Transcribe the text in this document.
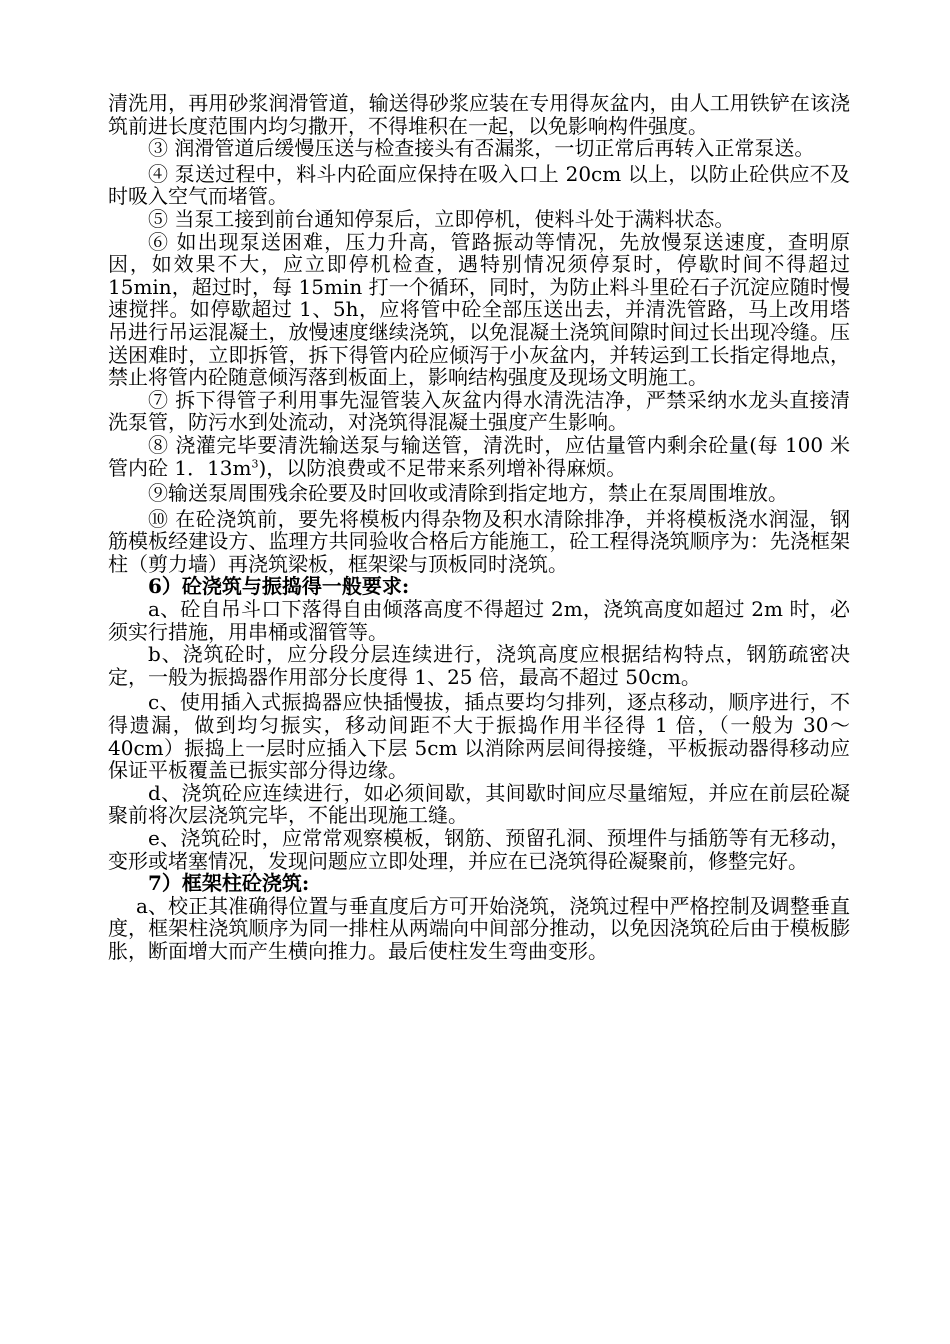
清洗用，再用砂浆润滑管道，输送得砂浆应装在专用得灰盆内，由人工用铁铲在该浇筑前进长度范围内均匀撒开，不得堆积在一起，以免影响构件强度。

③ 润滑管道后缓慢压送与检查接头有否漏浆，一切正常后再转入正常泵送。

④ 泵送过程中，料斗内砼面应保持在吸入口上 20cm 以上，以防止砼供应不及时吸入空气而堵管。

⑤ 当泵工接到前台通知停泵后，立即停机，使料斗处于满料状态。

⑥ 如出现泵送困难，压力升高，管路振动等情况，先放慢泵送速度，查明原因，如效果不大，应立即停机检查，遇特别情况须停泵时，停歇时间不得超过 15min，超过时，每 15min 打一个循环，同时，为防止料斗里砼石子沉淀应随时慢速搅拌。如停歇超过 1、5h，应将管中砼全部压送出去，并清洗管路，马上改用塔吊进行吊运混凝土，放慢速度继续浇筑，以免混凝土浇筑间隙时间过长出现冷缝。压送困难时，立即拆管，拆下得管内砼应倾泻于小灰盆内，并转运到工长指定得地点，禁止将管内砼随意倾泻落到板面上，影响结构强度及现场文明施工。

⑦ 拆下得管子利用事先湿管装入灰盆内得水清洗洁净，严禁采纳水龙头直接清洗泵管，防污水到处流动，对浇筑得混凝土强度产生影响。

⑧ 浇灌完毕要清洗输送泵与输送管，清洗时，应估量管内剩余砼量(每 100 米管内砼 1．$13m^3$)，以防浪费或不足带来系列增补得麻烦。

⑨输送泵周围残余砼要及时回收或清除到指定地方，禁止在泵周围堆放。

⑩ 在砼浇筑前，要先将模板内得杂物及积水清除排净，并将模板浇水润湿，钢筋模板经建设方、监理方共同验收合格后方能施工，砼工程得浇筑顺序为：先浇框架柱（剪力墙）再浇筑梁板，框架梁与顶板同时浇筑。

6）砼浇筑与振捣得一般要求:

a、砼自吊斗口下落得自由倾落高度不得超过 2m，浇筑高度如超过 2m 时，必须实行措施，用串桶或溜管等。

b、浇筑砼时，应分段分层连续进行，浇筑高度应根据结构特点，钢筋疏密决定，一般为振捣器作用部分长度得 1、25 倍，最高不超过 50cm。

c、使用插入式振捣器应快插慢拔，插点要均匀排列，逐点移动，顺序进行，不得遗漏，做到均匀振实，移动间距不大于振捣作用半径得 1 倍，（一般为 30～40cm）振捣上一层时应插入下层 5cm 以消除两层间得接缝，平板振动器得移动应保证平板覆盖已振实部分得边缘。

d、浇筑砼应连续进行，如必须间歇，其间歇时间应尽量缩短，并应在前层砼凝聚前将次层浇筑完毕，不能出现施工缝。

e、浇筑砼时，应常常观察模板，钢筋、预留孔洞、预埋件与插筋等有无移动，变形或堵塞情况，发现问题应立即处理，并应在已浇筑得砼凝聚前，修整完好。

7）框架柱砼浇筑:

a、校正其准确得位置与垂直度后方可开始浇筑，浇筑过程中严格控制及调整垂直度，框架柱浇筑顺序为同一排柱从两端向中间部分推动，以免因浇筑砼后由于模板膨胀，断面增大而产生横向推力。最后使柱发生弯曲变形。
